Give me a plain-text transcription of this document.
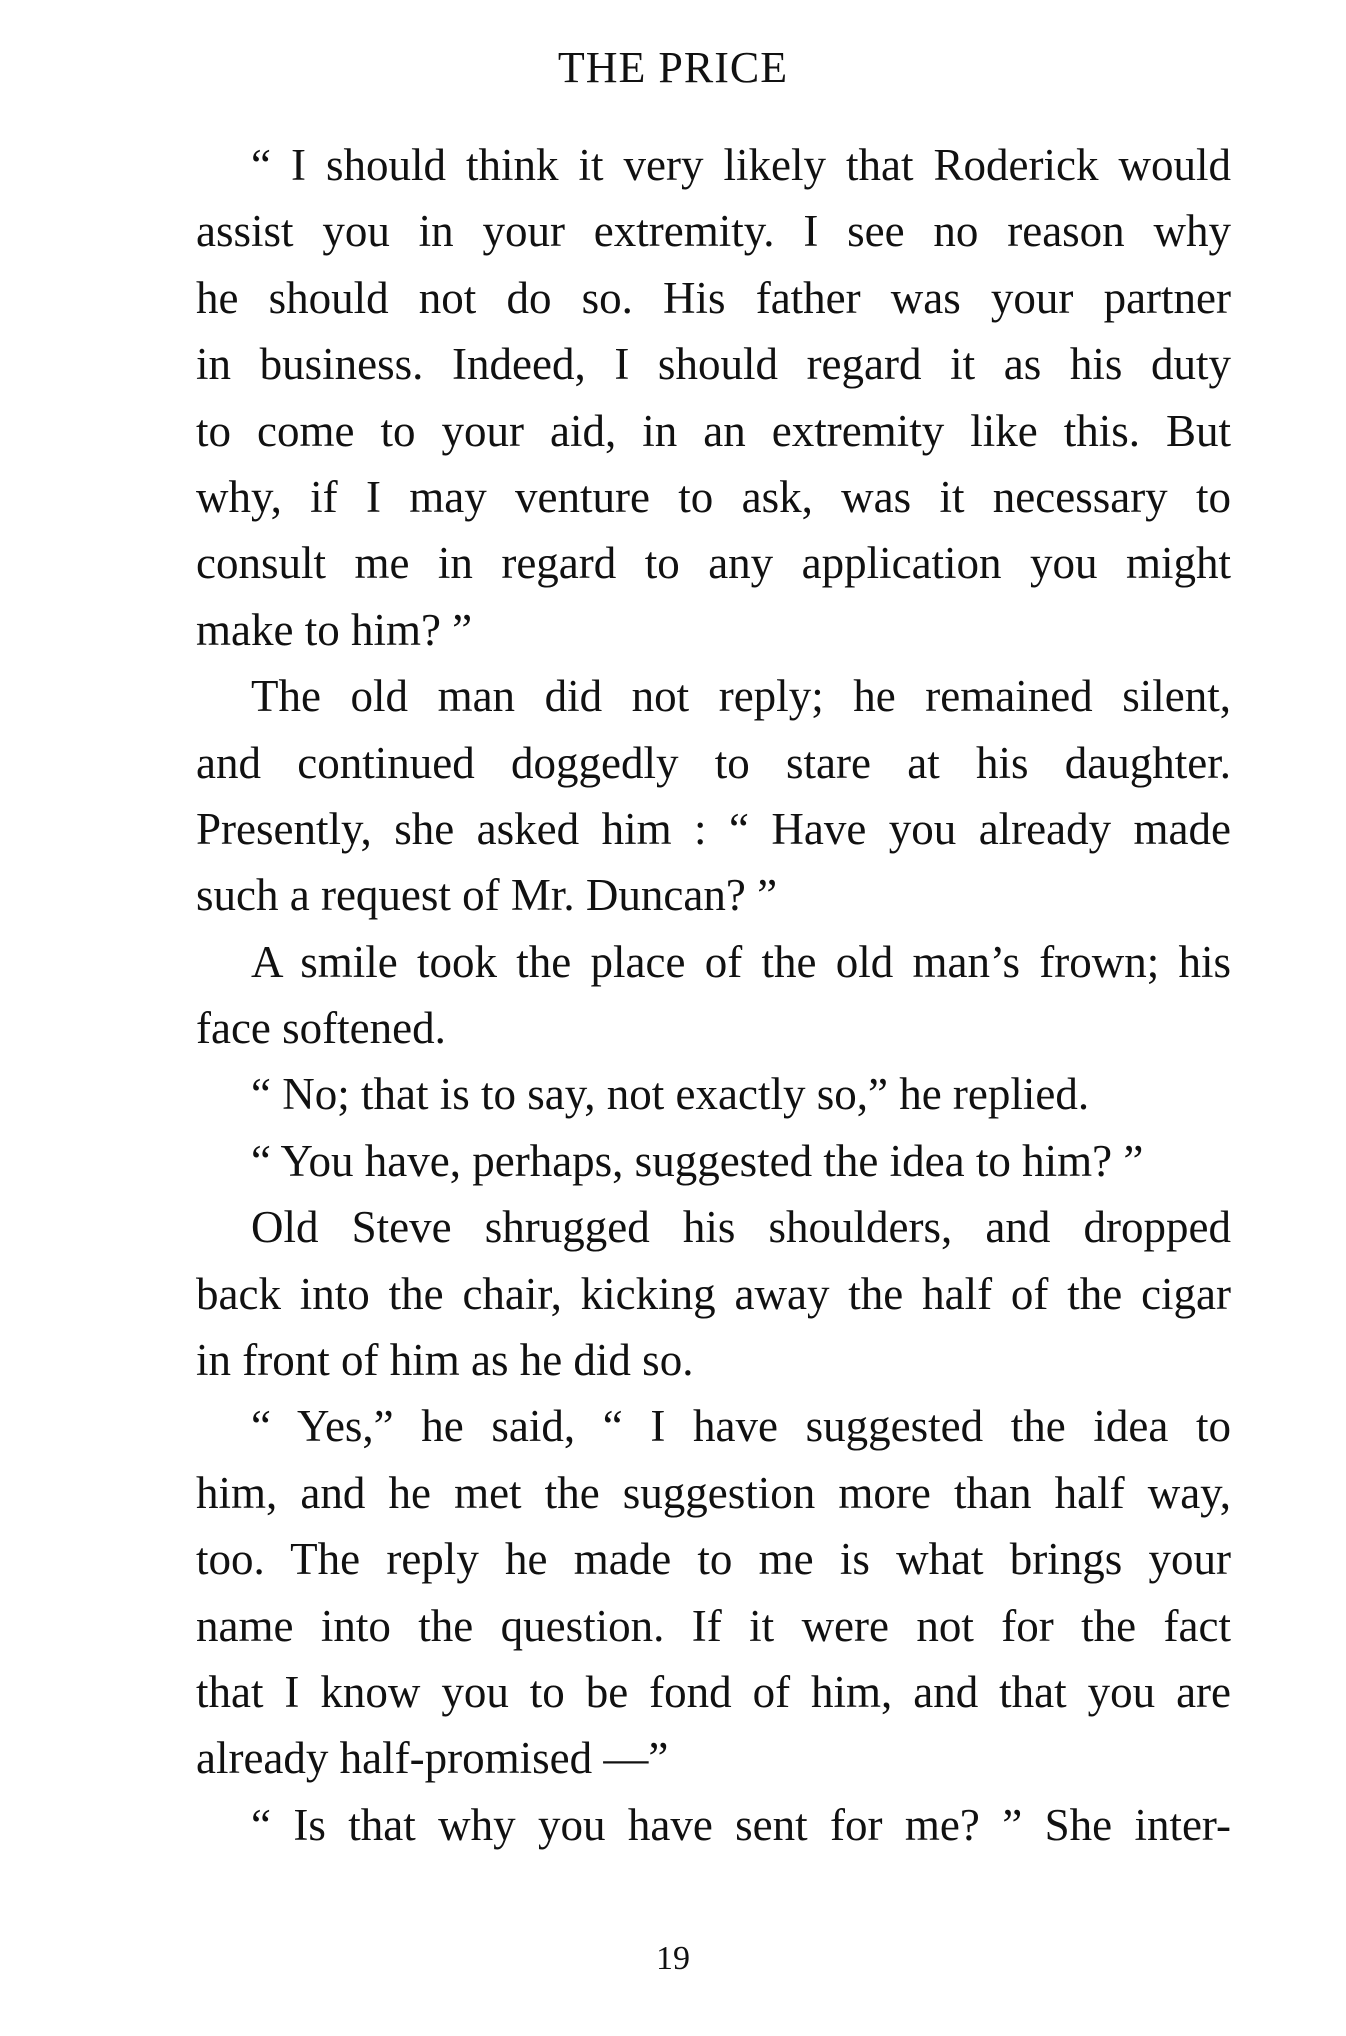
THE PRICE
“ I should think it very likely that Roderick would
assist you in your extremity. I see no reason why
he should not do so. His father was your partner
in business. Indeed, I should regard it as his duty
to come to your aid, in an extremity like this. But
why, if I may venture to ask, was it necessary to
consult me in regard to any application you might
make to him? ”
The old man did not reply; he remained silent,
and continued doggedly to stare at his daughter.
Presently, she asked him : “ Have you already made
such a request of Mr. Duncan? ”
A smile took the place of the old man’s frown; his
face softened.
“ No; that is to say, not exactly so,” he replied.
“ You have, perhaps, suggested the idea to him? ”
Old Steve shrugged his shoulders, and dropped
back into the chair, kicking away the half of the cigar
in front of him as he did so.
“ Yes,” he said, “ I have suggested the idea to
him, and he met the suggestion more than half way,
too. The reply he made to me is what brings your
name into the question. If it were not for the fact
that I know you to be fond of him, and that you are
already half-promised —”
“ Is that why you have sent for me? ” She inter-
19
